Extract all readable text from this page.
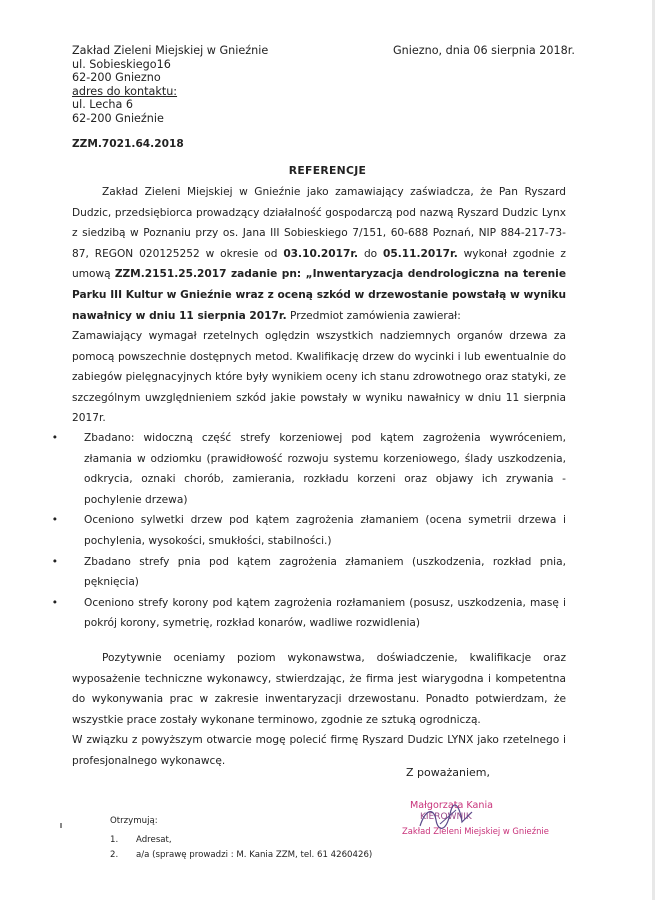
Zakład Zieleni Miejskiej w Gnieźnie
ul. Sobieskiego16
62-200 Gniezno
adres do kontaktu:
ul. Lecha 6
62-200 Gnieźnie
Gniezno, dnia 06 sierpnia 2018r.
ZZM.7021.64.2018
REFERENCJE
Zakład Zieleni Miejskiej w Gnieźnie jako zamawiający zaświadcza, że Pan Ryszard Dudzic, przedsiębiorca prowadzący działalność gospodarczą pod nazwą Ryszard Dudzic Lynx z siedzibą w Poznaniu przy os. Jana III Sobieskiego 7/151, 60-688 Poznań, NIP 884-217-73-87, REGON 020125252 w okresie od 03.10.2017r. do 05.11.2017r. wykonał zgodnie z umową ZZM.2151.25.2017 zadanie pn: „Inwentaryzacja dendrologiczna na terenie Parku III Kultur w Gnieźnie wraz z oceną szkód w drzewostanie powstałą w wyniku nawałnicy w dniu 11 sierpnia 2017r. Przedmiot zamówienia zawierał:
Zamawiający wymagał rzetelnych oględzin wszystkich nadziemnych organów drzewa za pomocą powszechnie dostępnych metod. Kwalifikację drzew do wycinki i lub ewentualnie do zabiegów pielęgnacyjnych które były wynikiem oceny ich stanu zdrowotnego oraz statyki, ze szczególnym uwzględnieniem szkód jakie powstały w wyniku nawałnicy w dniu 11 sierpnia 2017r.
•
Zbadano: widoczną część strefy korzeniowej pod kątem zagrożenia wywróceniem, złamania w odziomku (prawidłowość rozwoju systemu korzeniowego, ślady uszkodzenia, odkrycia, oznaki chorób, zamierania, rozkładu korzeni oraz objawy ich zrywania - pochylenie drzewa)
•
Oceniono sylwetki drzew pod kątem zagrożenia złamaniem (ocena symetrii drzewa i pochylenia, wysokości, smukłości, stabilności.)
•
Zbadano strefy pnia pod kątem zagrożenia złamaniem (uszkodzenia, rozkład pnia, pęknięcia)
•
Oceniono strefy korony pod kątem zagrożenia rozłamaniem (posusz, uszkodzenia, masę i pokrój korony, symetrię, rozkład konarów, wadliwe rozwidlenia)
Pozytywnie oceniamy poziom wykonawstwa, doświadczenie, kwalifikacje oraz wyposażenie techniczne wykonawcy, stwierdzając, że firma jest wiarygodna i kompetentna do wykonywania prac w zakresie inwentaryzacji drzewostanu. Ponadto potwierdzam, że wszystkie prace zostały wykonane terminowo, zgodnie ze sztuką ogrodniczą.
W związku z powyższym otwarcie mogę polecić firmę Ryszard Dudzic LYNX jako rzetelnego i profesjonalnego wykonawcę.
Z poważaniem,
Małgorzata Kania
KIEROWNIK
Zakład Zieleni Miejskiej w Gnieźnie
Otrzymują:
1. Adresat,
2. a/a (sprawę prowadzi : M. Kania ZZM, tel. 61 4260426)
